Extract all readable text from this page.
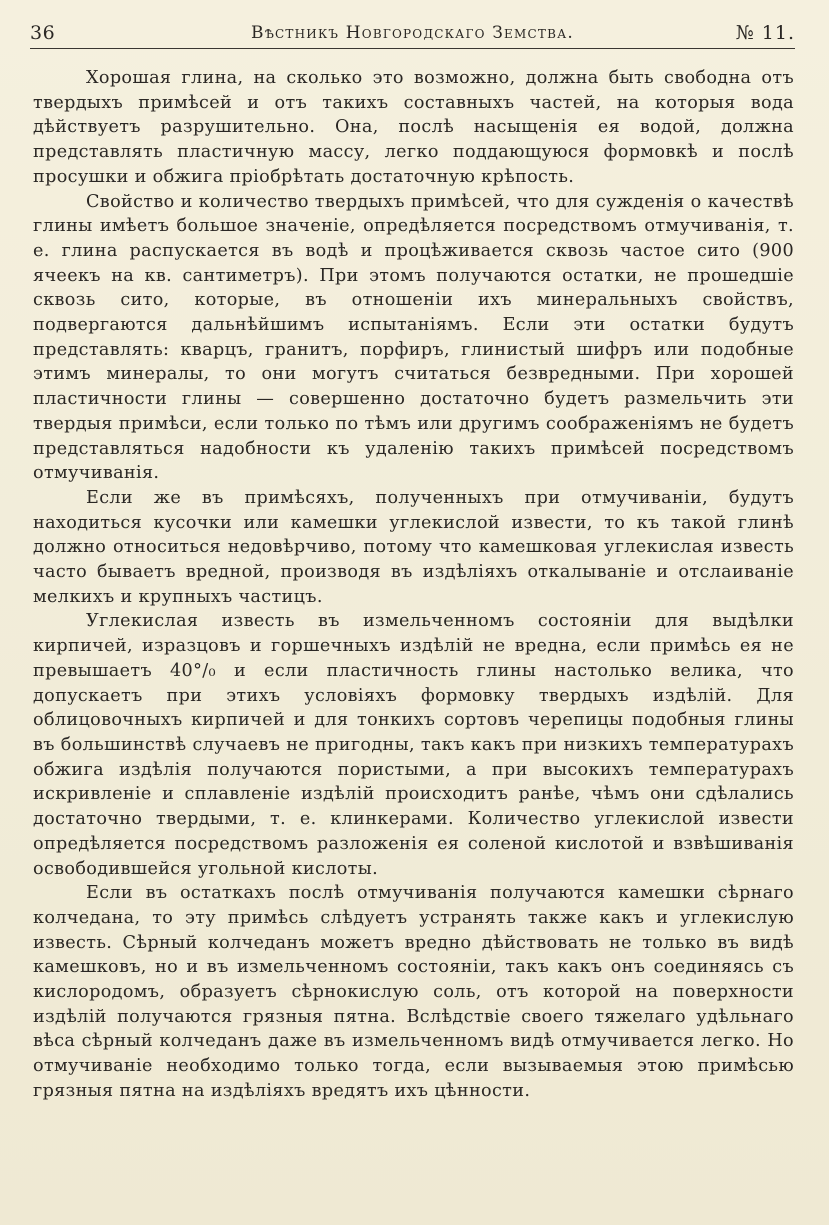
36	Вѣстникъ Новгородскаго Земства.	№ 11.

Хорошая глина, на сколько это возможно, должна быть свободна отъ твердыхъ примѣсей и отъ такихъ составныхъ частей, на которыя вода дѣйствуетъ разрушительно. Она, послѣ насыщенія ея водой, должна представлять пластичную массу, легко поддающуюся формовкѣ и послѣ просушки и обжига пріобрѣтать достаточную крѣпость.

Свойство и количество твердыхъ примѣсей, что для сужденія о качествѣ глины имѣетъ большое значеніе, опредѣляется посредствомъ отмучиванія, т. е. глина распускается въ водѣ и процѣживается сквозь частое сито (900 ячеекъ на кв. сантиметръ). При этомъ получаются остатки, не прошедшіе сквозь сито, которые, въ отношеніи ихъ минеральныхъ свойствъ, подвергаются дальнѣйшимъ испытаніямъ. Если эти остатки будутъ представлять: кварцъ, гранитъ, порфиръ, глинистый шифръ или подобные этимъ минералы, то они могутъ считаться безвредными. При хорошей пластичности глины — совершенно достаточно будетъ размельчить эти твердыя примѣси, если только по тѣмъ или другимъ соображеніямъ не будетъ представляться надобности къ удаленію такихъ примѣсей посредствомъ отмучиванія.

Если же въ примѣсяхъ, полученныхъ при отмучиваніи, будутъ находиться кусочки или камешки углекислой извести, то къ такой глинѣ должно относиться недовѣрчиво, потому что камешковая углекислая известь часто бываетъ вредной, производя въ издѣліяхъ откалываніе и отслаиваніе мелкихъ и крупныхъ частицъ.

Углекислая известь въ измельченномъ состояніи для выдѣлки кирпичей, изразцовъ и горшечныхъ издѣлій не вредна, если примѣсь ея не превышаетъ 40°/₀ и если пластичность глины настолько велика, что допускаетъ при этихъ условіяхъ формовку твердыхъ издѣлій. Для облицовочныхъ кирпичей и для тонкихъ сортовъ черепицы подобныя глины въ большинствѣ случаевъ не пригодны, такъ какъ при низкихъ температурахъ обжига издѣлія получаются пористыми, а при высокихъ температурахъ искривленіе и сплавленіе издѣлій происходитъ ранѣе, чѣмъ они сдѣлались достаточно твердыми, т. е. клинкерами. Количество углекислой извести опредѣляется посредствомъ разложенія ея соленой кислотой и взвѣшиванія освободившейся угольной кислоты.

Если въ остаткахъ послѣ отмучиванія получаются камешки сѣрнаго колчедана, то эту примѣсь слѣдуетъ устранять также какъ и углекислую известь. Сѣрный колчеданъ можетъ вредно дѣйствовать не только въ видѣ камешковъ, но и въ измельченномъ состояніи, такъ какъ онъ соединяясь съ кислородомъ, образуетъ сѣрнокислую соль, отъ которой на поверхности издѣлій получаются грязныя пятна. Вслѣдствіе своего тяжелаго удѣльнаго вѣса сѣрный колчеданъ даже въ измельченномъ видѣ отмучивается легко. Но отмучиваніе необходимо только тогда, если вызываемыя этою примѣсью грязныя пятна на издѣліяхъ вредятъ ихъ цѣнности.
